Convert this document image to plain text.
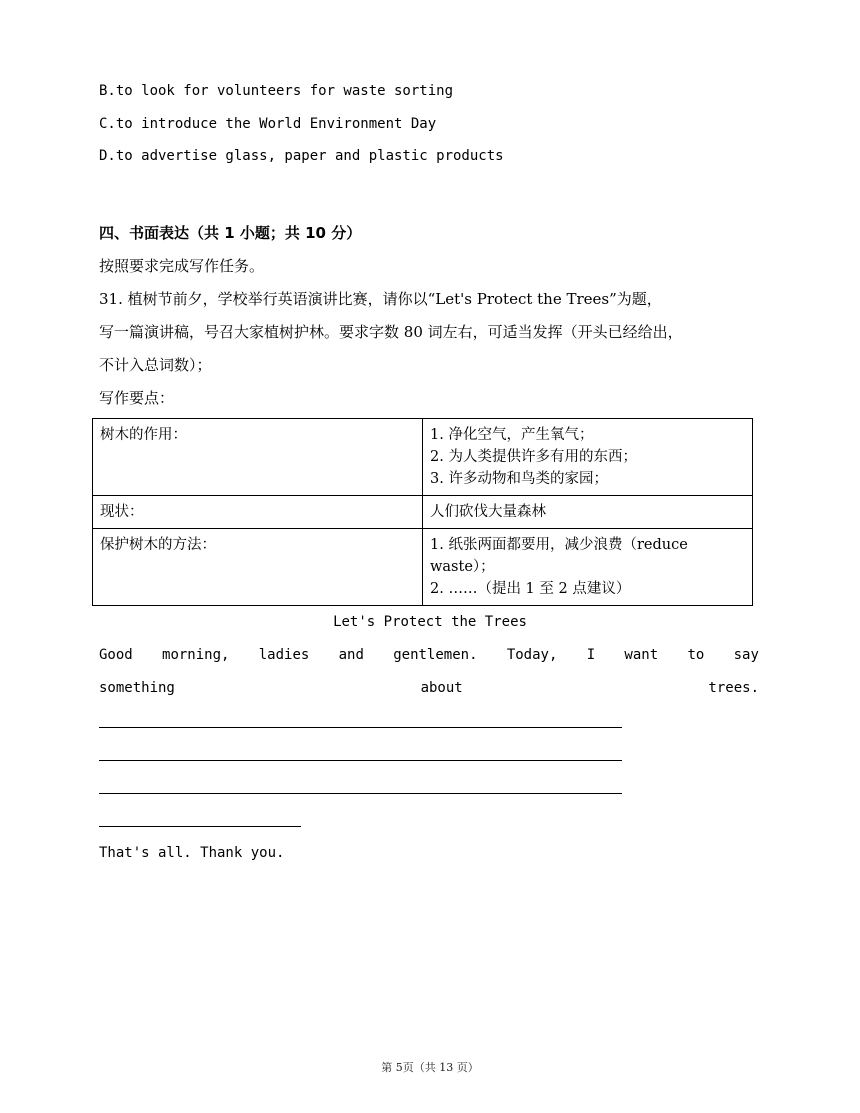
B.to look for volunteers for waste sorting
C.to introduce the World Environment Day
D.to advertise glass, paper and plastic products
四、书面表达（共 1 小题；共 10 分）
按照要求完成写作任务。
31. 植树节前夕，学校举行英语演讲比赛，请你以“Let's Protect the Trees”为题，
写一篇演讲稿，号召大家植树护林。要求字数 80 词左右，可适当发挥（开头已经给出，
不计入总词数）；
写作要点：
树木的作用：	1. 净化空气，产生氧气；
2. 为人类提供许多有用的东西；
3. 许多动物和鸟类的家园；

现状：	人们砍伐大量森林

保护树木的方法：	1. 纸张两面都要用，减少浪费（reduce
waste）；
2. ……（提出 1 至 2 点建议）
Let's Protect the Trees
Good morning, ladies and gentlemen. Today, I want to say
something	about	trees.
That's all. Thank you.
第 5页（共 13 页）
